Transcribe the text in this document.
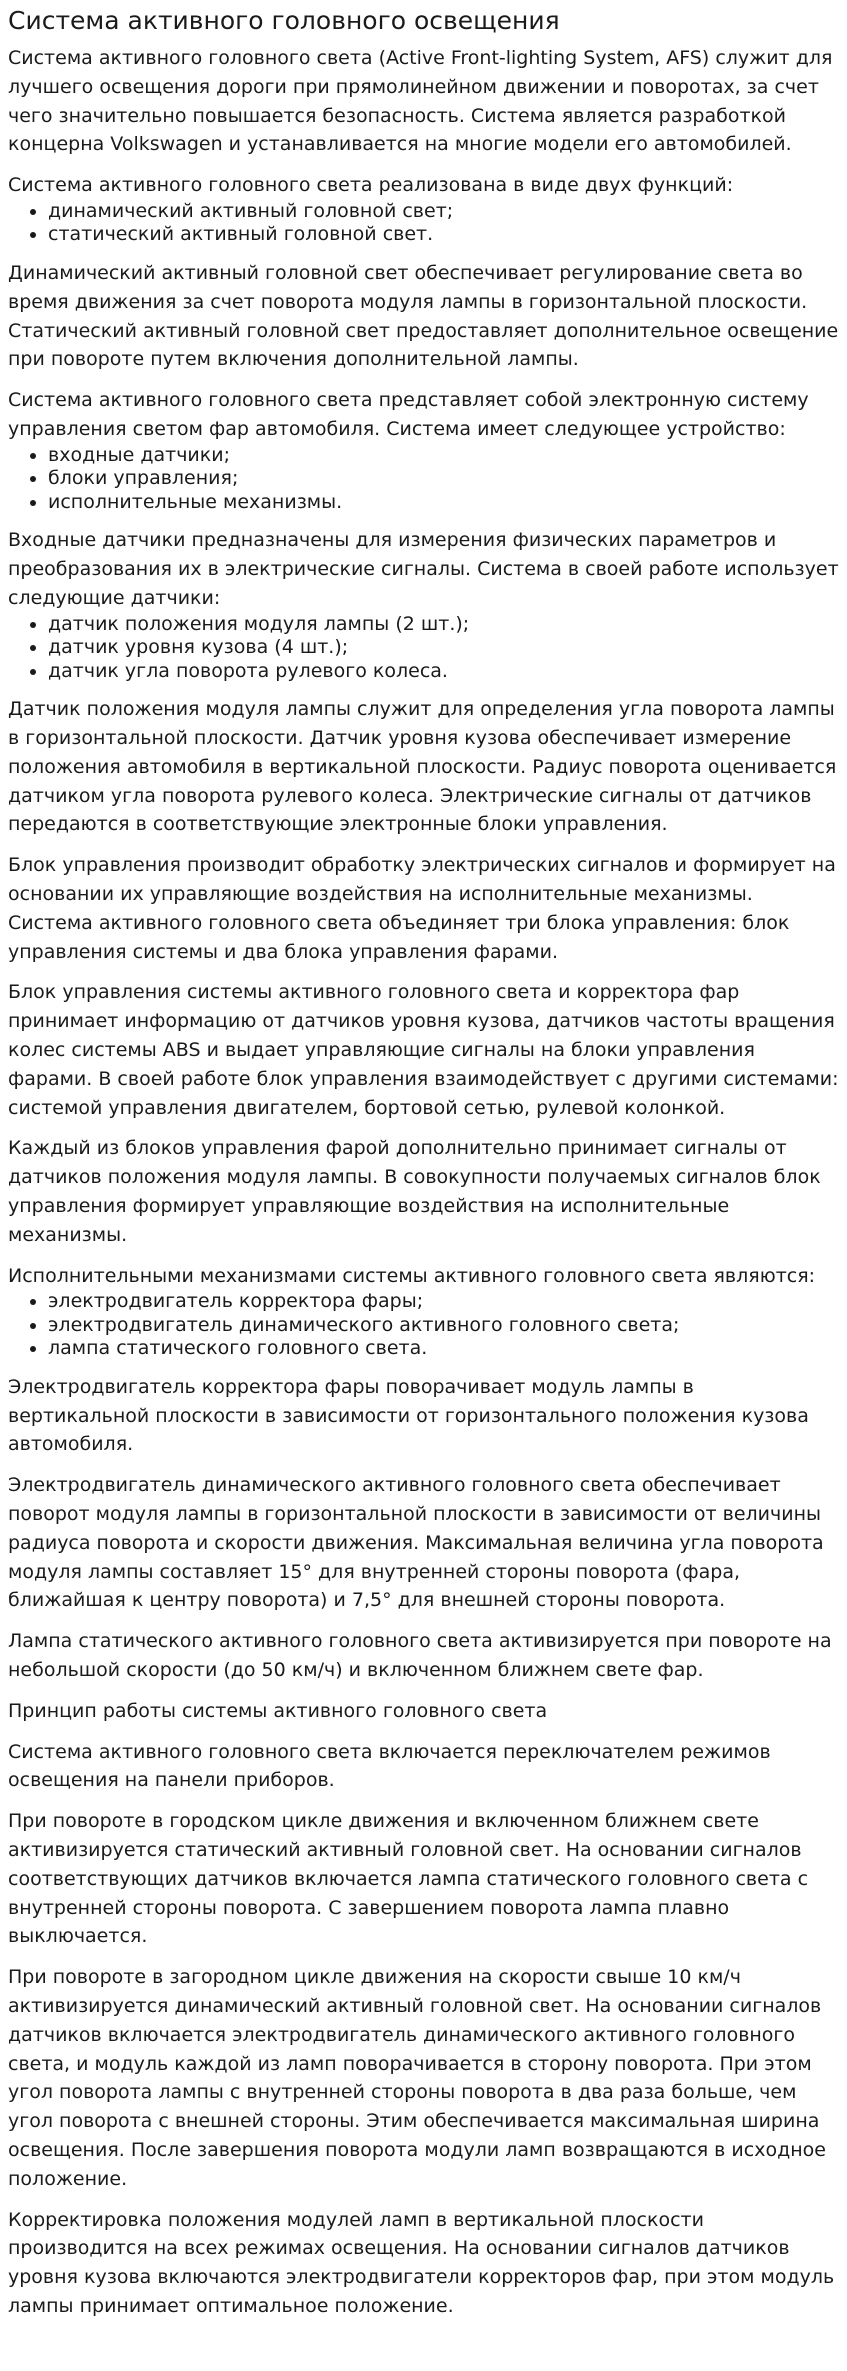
Система активного головного освещения

Система активного головного света (Active Front-lighting System, AFS) служит для лучшего освещения дороги при прямолинейном движении и поворотах, за счет чего значительно повышается безопасность. Система является разработкой концерна Volkswagen и устанавливается на многие модели его автомобилей.

Система активного головного света реализована в виде двух функций:

• динамический активный головной свет;
• статический активный головной свет.

Динамический активный головной свет обеспечивает регулирование света во время движения за счет поворота модуля лампы в горизонтальной плоскости. Статический активный головной свет предоставляет дополнительное освещение при повороте путем включения дополнительной лампы.

Система активного головного света представляет собой электронную систему управления светом фар автомобиля. Система имеет следующее устройство:

• входные датчики;
• блоки управления;
• исполнительные механизмы.

Входные датчики предназначены для измерения физических параметров и преобразования их в электрические сигналы. Система в своей работе использует следующие датчики:

• датчик положения модуля лампы (2 шт.);
• датчик уровня кузова (4 шт.);
• датчик угла поворота рулевого колеса.

Датчик положения модуля лампы служит для определения угла поворота лампы в горизонтальной плоскости. Датчик уровня кузова обеспечивает измерение положения автомобиля в вертикальной плоскости. Радиус поворота оценивается датчиком угла поворота рулевого колеса. Электрические сигналы от датчиков передаются в соответствующие электронные блоки управления.

Блок управления производит обработку электрических сигналов и формирует на основании их управляющие воздействия на исполнительные механизмы. Система активного головного света объединяет три блока управления: блок управления системы и два блока управления фарами.

Блок управления системы активного головного света и корректора фар принимает информацию от датчиков уровня кузова, датчиков частоты вращения колес системы ABS и выдает управляющие сигналы на блоки управления фарами. В своей работе блок управления взаимодействует с другими системами: системой управления двигателем, бортовой сетью, рулевой колонкой.

Каждый из блоков управления фарой дополнительно принимает сигналы от датчиков положения модуля лампы. В совокупности получаемых сигналов блок управления формирует управляющие воздействия на исполнительные механизмы.

Исполнительными механизмами системы активного головного света являются:

• электродвигатель корректора фары;
• электродвигатель динамического активного головного света;
• лампа статического головного света.

Электродвигатель корректора фары поворачивает модуль лампы в вертикальной плоскости в зависимости от горизонтального положения кузова автомобиля.

Электродвигатель динамического активного головного света обеспечивает поворот модуля лампы в горизонтальной плоскости в зависимости от величины радиуса поворота и скорости движения. Максимальная величина угла поворота модуля лампы составляет 15° для внутренней стороны поворота (фара, ближайшая к центру поворота) и 7,5° для внешней стороны поворота.

Лампа статического активного головного света активизируется при повороте на небольшой скорости (до 50 км/ч) и включенном ближнем свете фар.

Принцип работы системы активного головного света

Система активного головного света включается переключателем режимов освещения на панели приборов.

При повороте в городском цикле движения и включенном ближнем свете активизируется статический активный головной свет. На основании сигналов соответствующих датчиков включается лампа статического головного света с внутренней стороны поворота. С завершением поворота лампа плавно выключается.

При повороте в загородном цикле движения на скорости свыше 10 км/ч активизируется динамический активный головной свет. На основании сигналов датчиков включается электродвигатель динамического активного головного света, и модуль каждой из ламп поворачивается в сторону поворота. При этом угол поворота лампы с внутренней стороны поворота в два раза больше, чем угол поворота с внешней стороны. Этим обеспечивается максимальная ширина освещения. После завершения поворота модули ламп возвращаются в исходное положение.

Корректировка положения модулей ламп в вертикальной плоскости производится на всех режимах освещения. На основании сигналов датчиков уровня кузова включаются электродвигатели корректоров фар, при этом модуль лампы принимает оптимальное положение.
